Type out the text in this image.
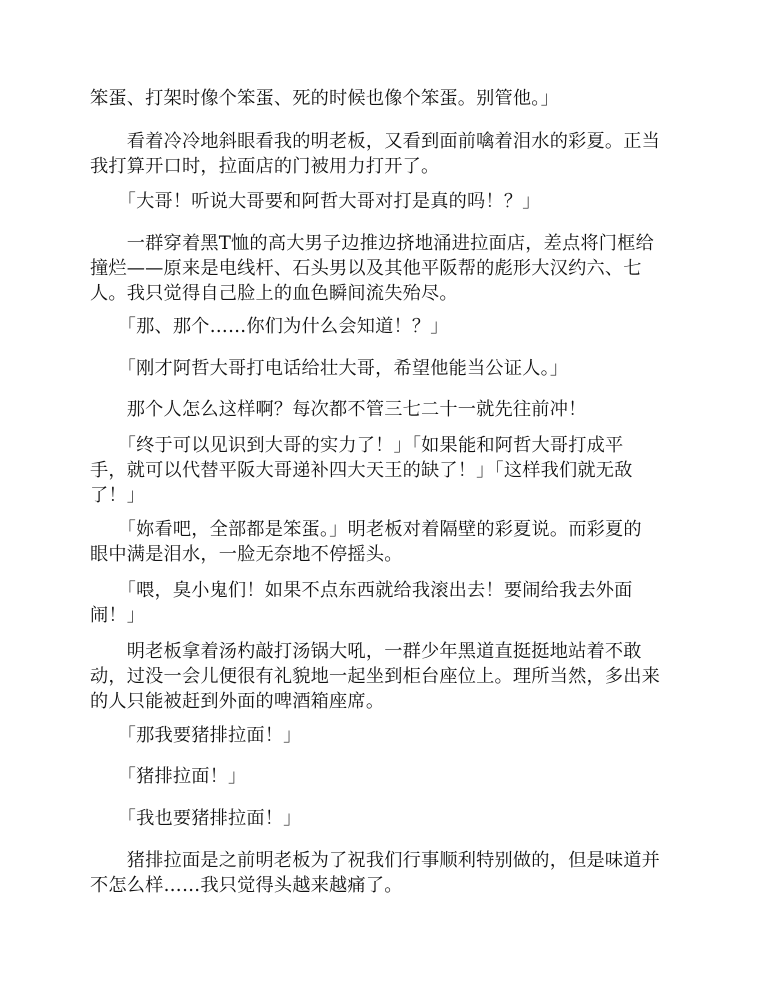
笨蛋、打架时像个笨蛋、死的时候也像个笨蛋。别管他。」

　　看着冷冷地斜眼看我的明老板，又看到面前噙着泪水的彩夏。正当
我打算开口时，拉面店的门被用力打开了。

　　「大哥！听说大哥要和阿哲大哥对打是真的吗！？」

　　一群穿着黑T恤的高大男子边推边挤地涌进拉面店，差点将门框给
撞烂——原来是电线杆、石头男以及其他平阪帮的彪形大汉约六、七
人。我只觉得自己脸上的血色瞬间流失殆尽。

　　「那、那个……你们为什么会知道！？」

　　「刚才阿哲大哥打电话给壮大哥，希望他能当公证人。」

　　那个人怎么这样啊？每次都不管三七二十一就先往前冲！

　　「终于可以见识到大哥的实力了！」「如果能和阿哲大哥打成平
手，就可以代替平阪大哥递补四大天王的缺了！」「这样我们就无敌
了！」

　　「妳看吧，全部都是笨蛋。」明老板对着隔壁的彩夏说。而彩夏的
眼中满是泪水，一脸无奈地不停摇头。

　　「喂，臭小鬼们！如果不点东西就给我滚出去！要闹给我去外面
闹！」

　　明老板拿着汤杓敲打汤锅大吼，一群少年黑道直挺挺地站着不敢
动，过没一会儿便很有礼貌地一起坐到柜台座位上。理所当然，多出来
的人只能被赶到外面的啤酒箱座席。

　　「那我要猪排拉面！」

　　「猪排拉面！」

　　「我也要猪排拉面！」

　　猪排拉面是之前明老板为了祝我们行事顺利特别做的，但是味道并
不怎么样……我只觉得头越来越痛了。
